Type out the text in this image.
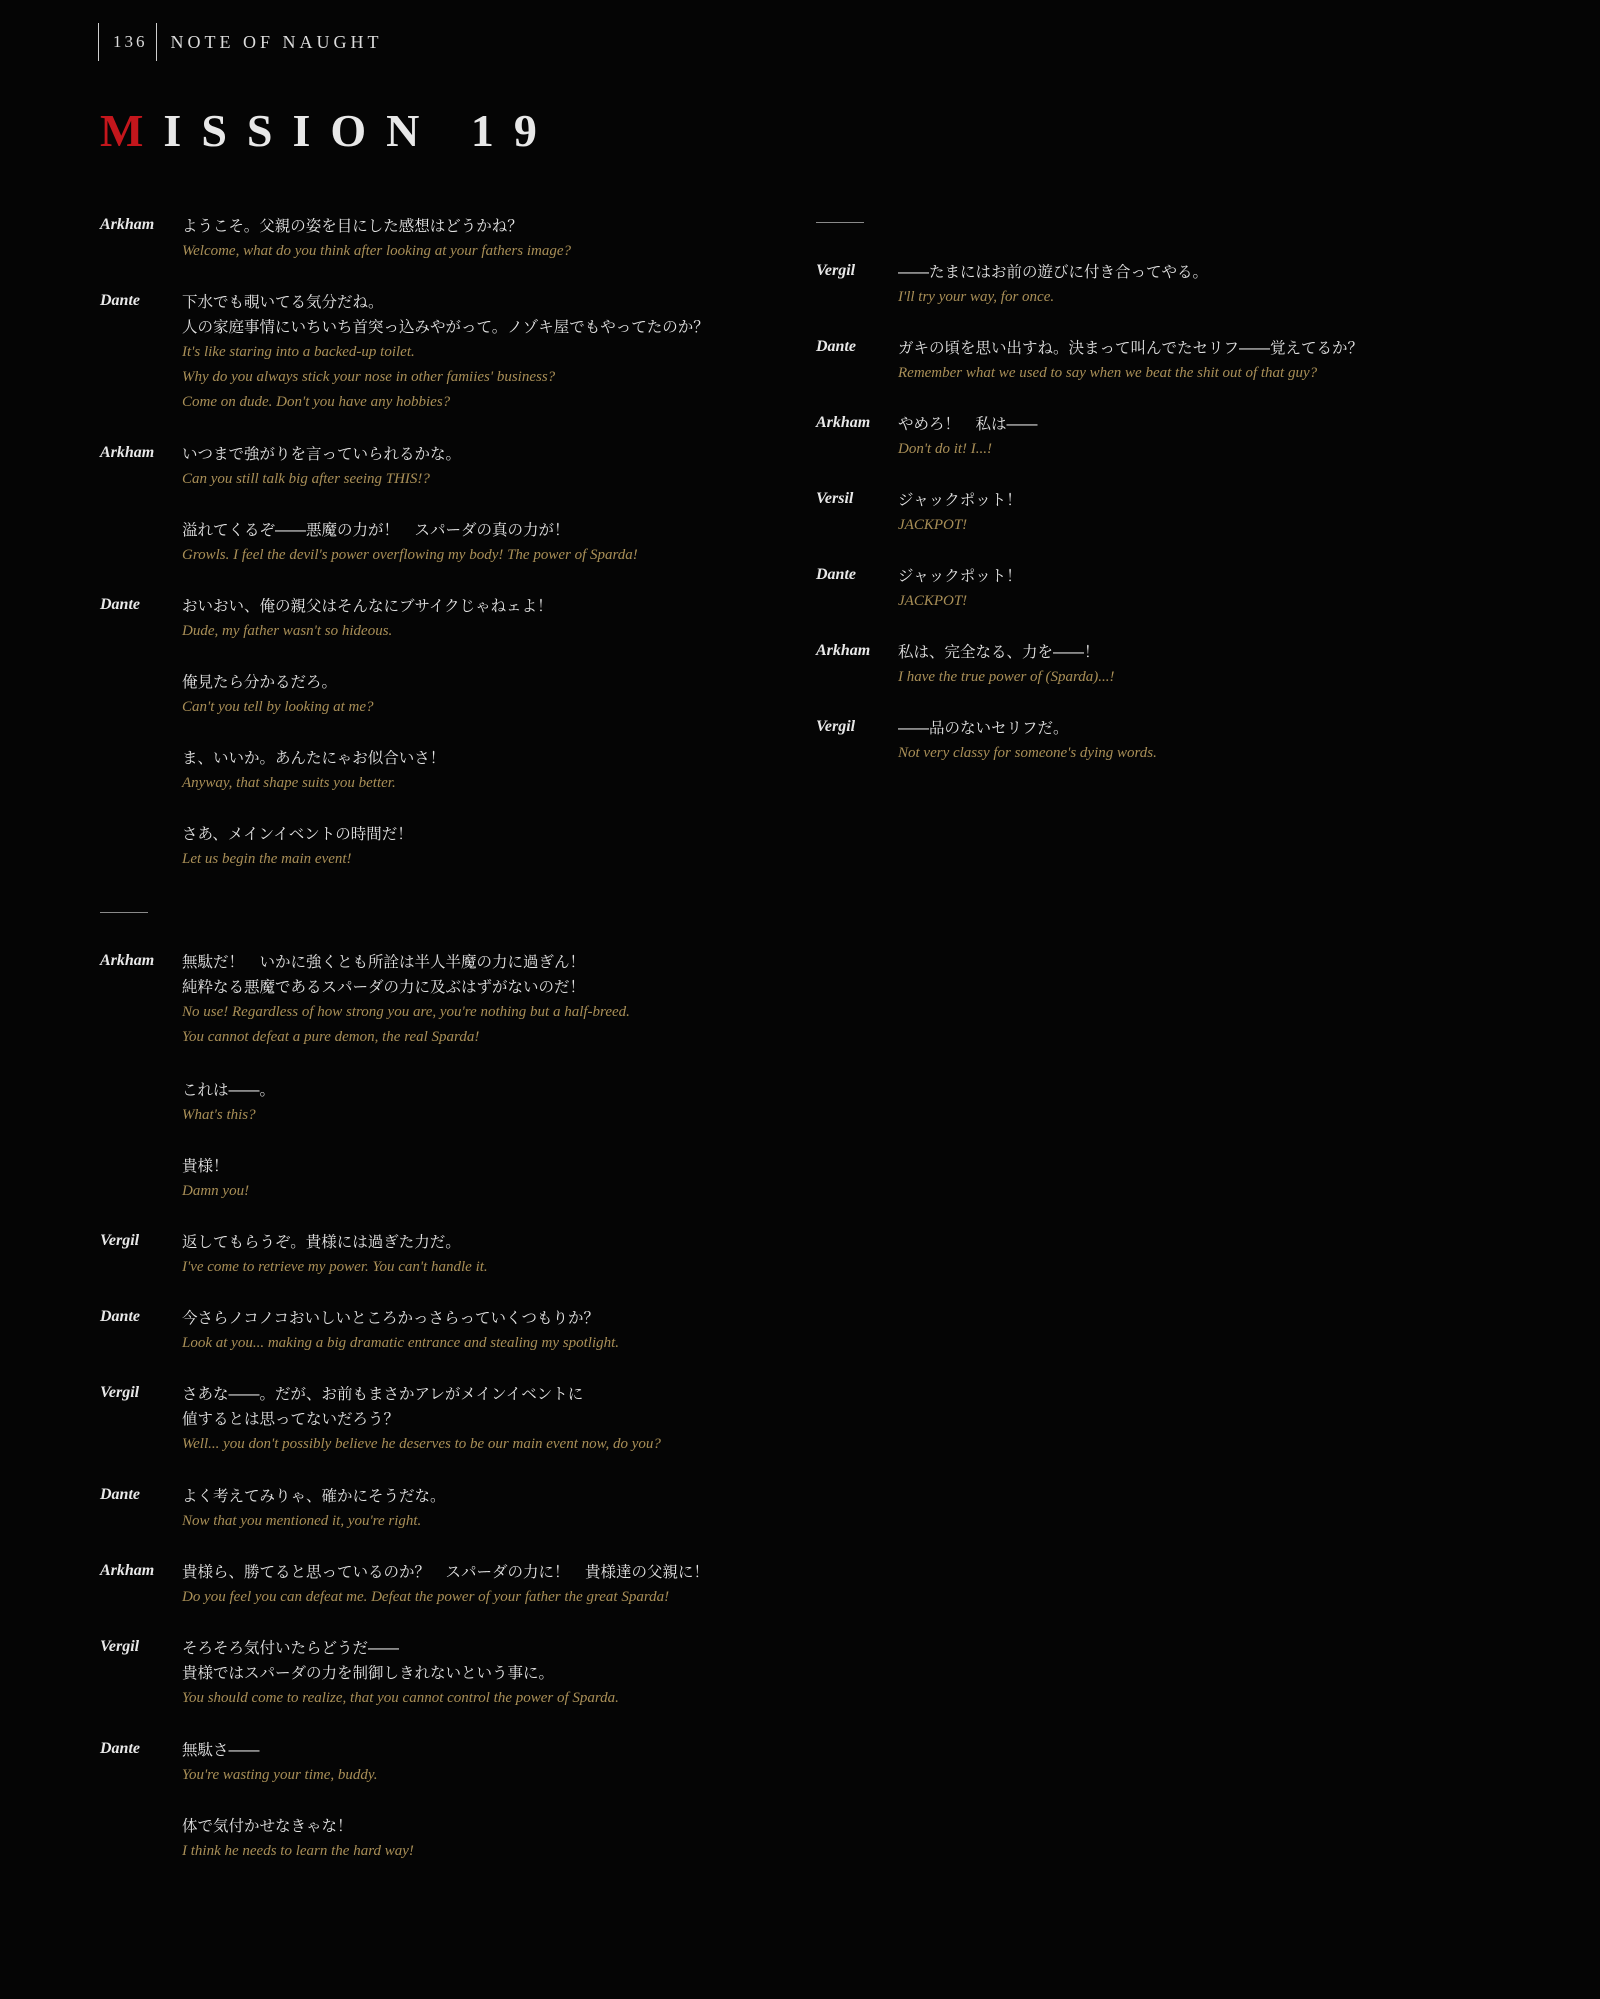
136	NOTE OF NAUGHT
MISSION 19
Arkham	ようこそ。父親の姿を目にした感想はどうかね？
Welcome, what do you think after looking at your fathers image?
Dante	下水でも覗いてる気分だね。
人の家庭事情にいちいち首突っ込みやがって。ノゾキ屋でもやってたのか？
It's like staring into a backed-up toilet.
Why do you always stick your nose in other famiies' business?
Come on dude. Don't you have any hobbies?
Arkham	いつまで強がりを言っていられるかな。
Can you still talk big after seeing THIS!?
溢れてくるぞ――悪魔の力が！　スパーダの真の力が！
Growls. I feel the devil's power overflowing my body! The power of Sparda!
Dante	おいおい、俺の親父はそんなにブサイクじゃねェよ！
Dude, my father wasn't so hideous.
俺見たら分かるだろ。
Can't you tell by looking at me?
ま、いいか。あんたにゃお似合いさ！
Anyway, that shape suits you better.
さあ、メインイベントの時間だ！
Let us begin the main event!
Arkham	無駄だ！　いかに強くとも所詮は半人半魔の力に過ぎん！
純粋なる悪魔であるスパーダの力に及ぶはずがないのだ！
No use! Regardless of how strong you are, you're nothing but a half-breed.
You cannot defeat a pure demon, the real Sparda!
これは――。
What's this?
貴様！
Damn you!
Vergil	返してもらうぞ。貴様には過ぎた力だ。
I've come to retrieve my power. You can't handle it.
Dante	今さらノコノコおいしいところかっさらっていくつもりか？
Look at you... making a big dramatic entrance and stealing my spotlight.
Vergil	さあな――。だが、お前もまさかアレがメインイベントに
値するとは思ってないだろう？
Well... you don't possibly believe he deserves to be our main event now, do you?
Dante	よく考えてみりゃ、確かにそうだな。
Now that you mentioned it, you're right.
Arkham	貴様ら、勝てると思っているのか？　スパーダの力に！　貴様達の父親に！
Do you feel you can defeat me. Defeat the power of your father the great Sparda!
Vergil	そろそろ気付いたらどうだ――
貴様ではスパーダの力を制御しきれないという事に。
You should come to realize, that you cannot control the power of Sparda.
Dante	無駄さ――
You're wasting your time, buddy.
体で気付かせなきゃな！
I think he needs to learn the hard way!
Vergil	――たまにはお前の遊びに付き合ってやる。
I'll try your way, for once.
Dante	ガキの頃を思い出すね。決まって叫んでたセリフ――覚えてるか？
Remember what we used to say when we beat the shit out of that guy?
Arkham	やめろ！　私は――
Don't do it! I...!
Versil	ジャックポット！
JACKPOT!
Dante	ジャックポット！
JACKPOT!
Arkham	私は、完全なる、力を――！
I have the true power of (Sparda)...!
Vergil	――品のないセリフだ。
Not very classy for someone's dying words.
